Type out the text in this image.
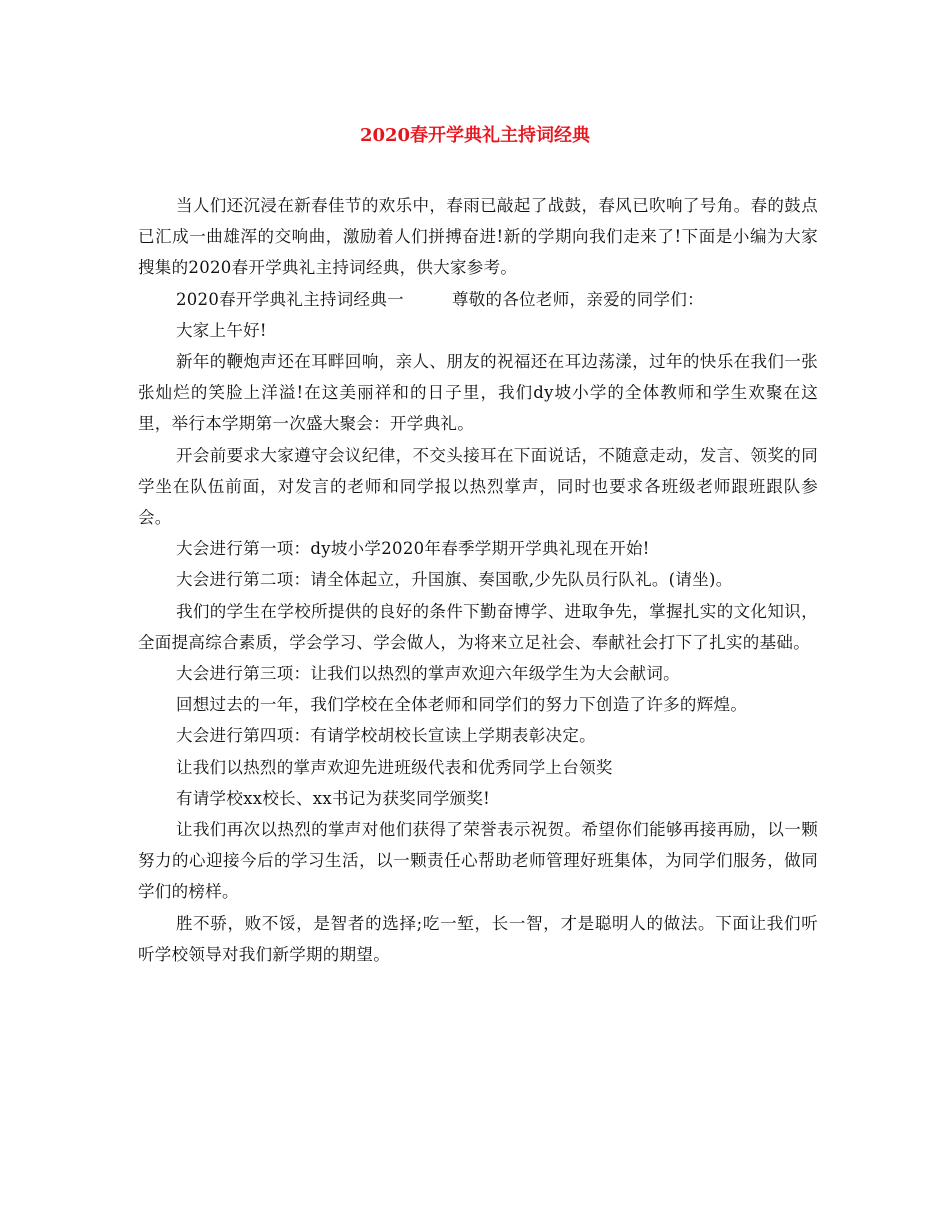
2020春开学典礼主持词经典

当人们还沉浸在新春佳节的欢乐中，春雨已敲起了战鼓，春风已吹响了号角。春的鼓点已汇成一曲雄浑的交响曲，激励着人们拼搏奋进!新的学期向我们走来了!下面是小编为大家搜集的2020春开学典礼主持词经典，供大家参考。

2020春开学典礼主持词经典一	尊敬的各位老师，亲爱的同学们：

大家上午好!

新年的鞭炮声还在耳畔回响，亲人、朋友的祝福还在耳边荡漾，过年的快乐在我们一张张灿烂的笑脸上洋溢!在这美丽祥和的日子里，我们dy坡小学的全体教师和学生欢聚在这里，举行本学期第一次盛大聚会：开学典礼。

开会前要求大家遵守会议纪律，不交头接耳在下面说话，不随意走动，发言、领奖的同学坐在队伍前面，对发言的老师和同学报以热烈掌声，同时也要求各班级老师跟班跟队参会。

大会进行第一项：dy坡小学2020年春季学期开学典礼现在开始!

大会进行第二项：请全体起立，升国旗、奏国歌,少先队员行队礼。(请坐)。

我们的学生在学校所提供的良好的条件下勤奋博学、进取争先，掌握扎实的文化知识，全面提高综合素质，学会学习、学会做人，为将来立足社会、奉献社会打下了扎实的基础。

大会进行第三项：让我们以热烈的掌声欢迎六年级学生为大会献词。

回想过去的一年，我们学校在全体老师和同学们的努力下创造了许多的辉煌。

大会进行第四项：有请学校胡校长宣读上学期表彰决定。

让我们以热烈的掌声欢迎先进班级代表和优秀同学上台领奖

有请学校xx校长、xx书记为获奖同学颁奖!

让我们再次以热烈的掌声对他们获得了荣誉表示祝贺。希望你们能够再接再励，以一颗努力的心迎接今后的学习生活，以一颗责任心帮助老师管理好班集体，为同学们服务，做同学们的榜样。

胜不骄，败不馁，是智者的选择;吃一堑，长一智，才是聪明人的做法。下面让我们听听学校领导对我们新学期的期望。
